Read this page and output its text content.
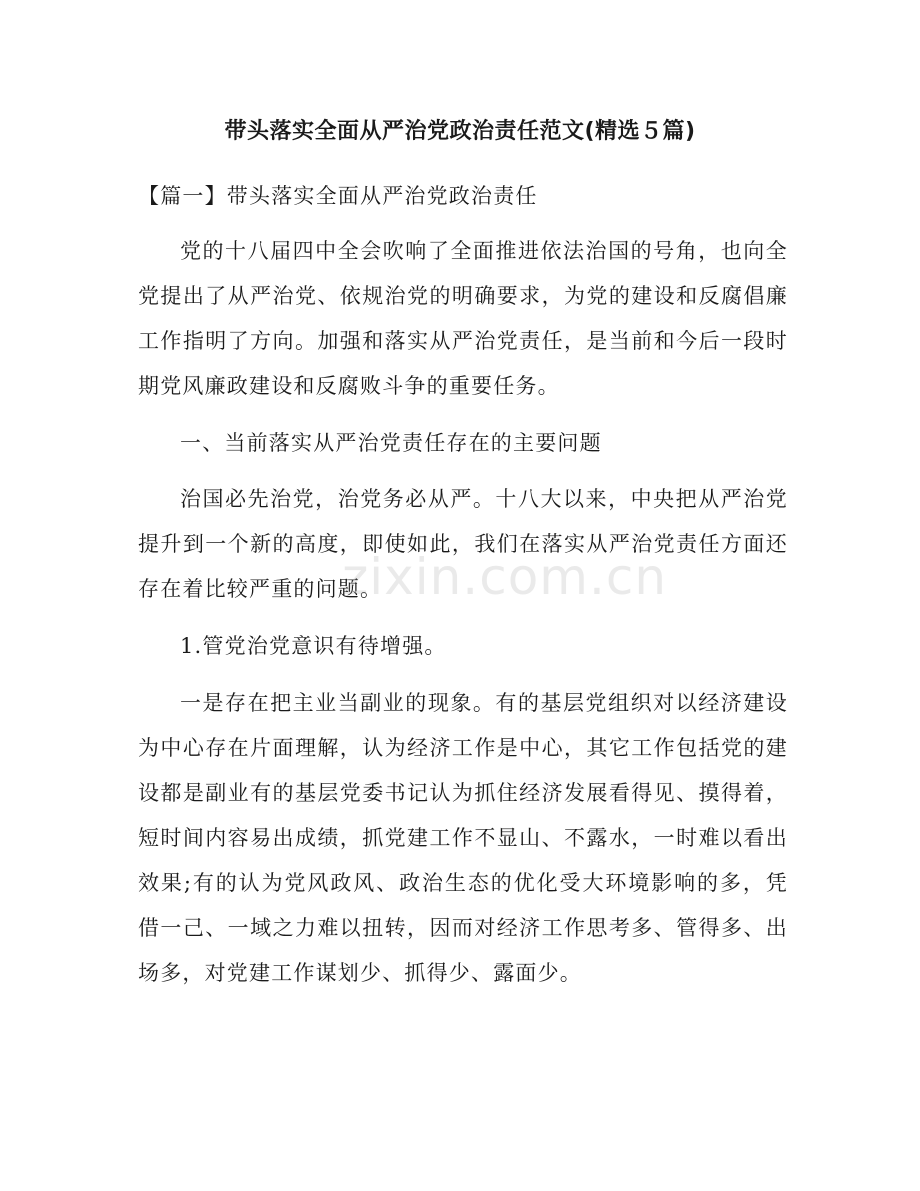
带头落实全面从严治党政治责任范文(精选５篇)

【篇一】带头落实全面从严治党政治责任

党的十八届四中全会吹响了全面推进依法治国的号角，也向全党提出了从严治党、依规治党的明确要求，为党的建设和反腐倡廉工作指明了方向。加强和落实从严治党责任，是当前和今后一段时期党风廉政建设和反腐败斗争的重要任务。

一、当前落实从严治党责任存在的主要问题

治国必先治党，治党务必从严。十八大以来，中央把从严治党提升到一个新的高度，即使如此，我们在落实从严治党责任方面还存在着比较严重的问题。

1.管党治党意识有待增强。

一是存在把主业当副业的现象。有的基层党组织对以经济建设为中心存在片面理解，认为经济工作是中心，其它工作包括党的建设都是副业有的基层党委书记认为抓住经济发展看得见、摸得着，短时间内容易出成绩，抓党建工作不显山、不露水，一时难以看出效果;有的认为党风政风、政治生态的优化受大环境影响的多，凭借一己、一域之力难以扭转，因而对经济工作思考多、管得多、出场多，对党建工作谋划少、抓得少、露面少。

zixin.com.cn
